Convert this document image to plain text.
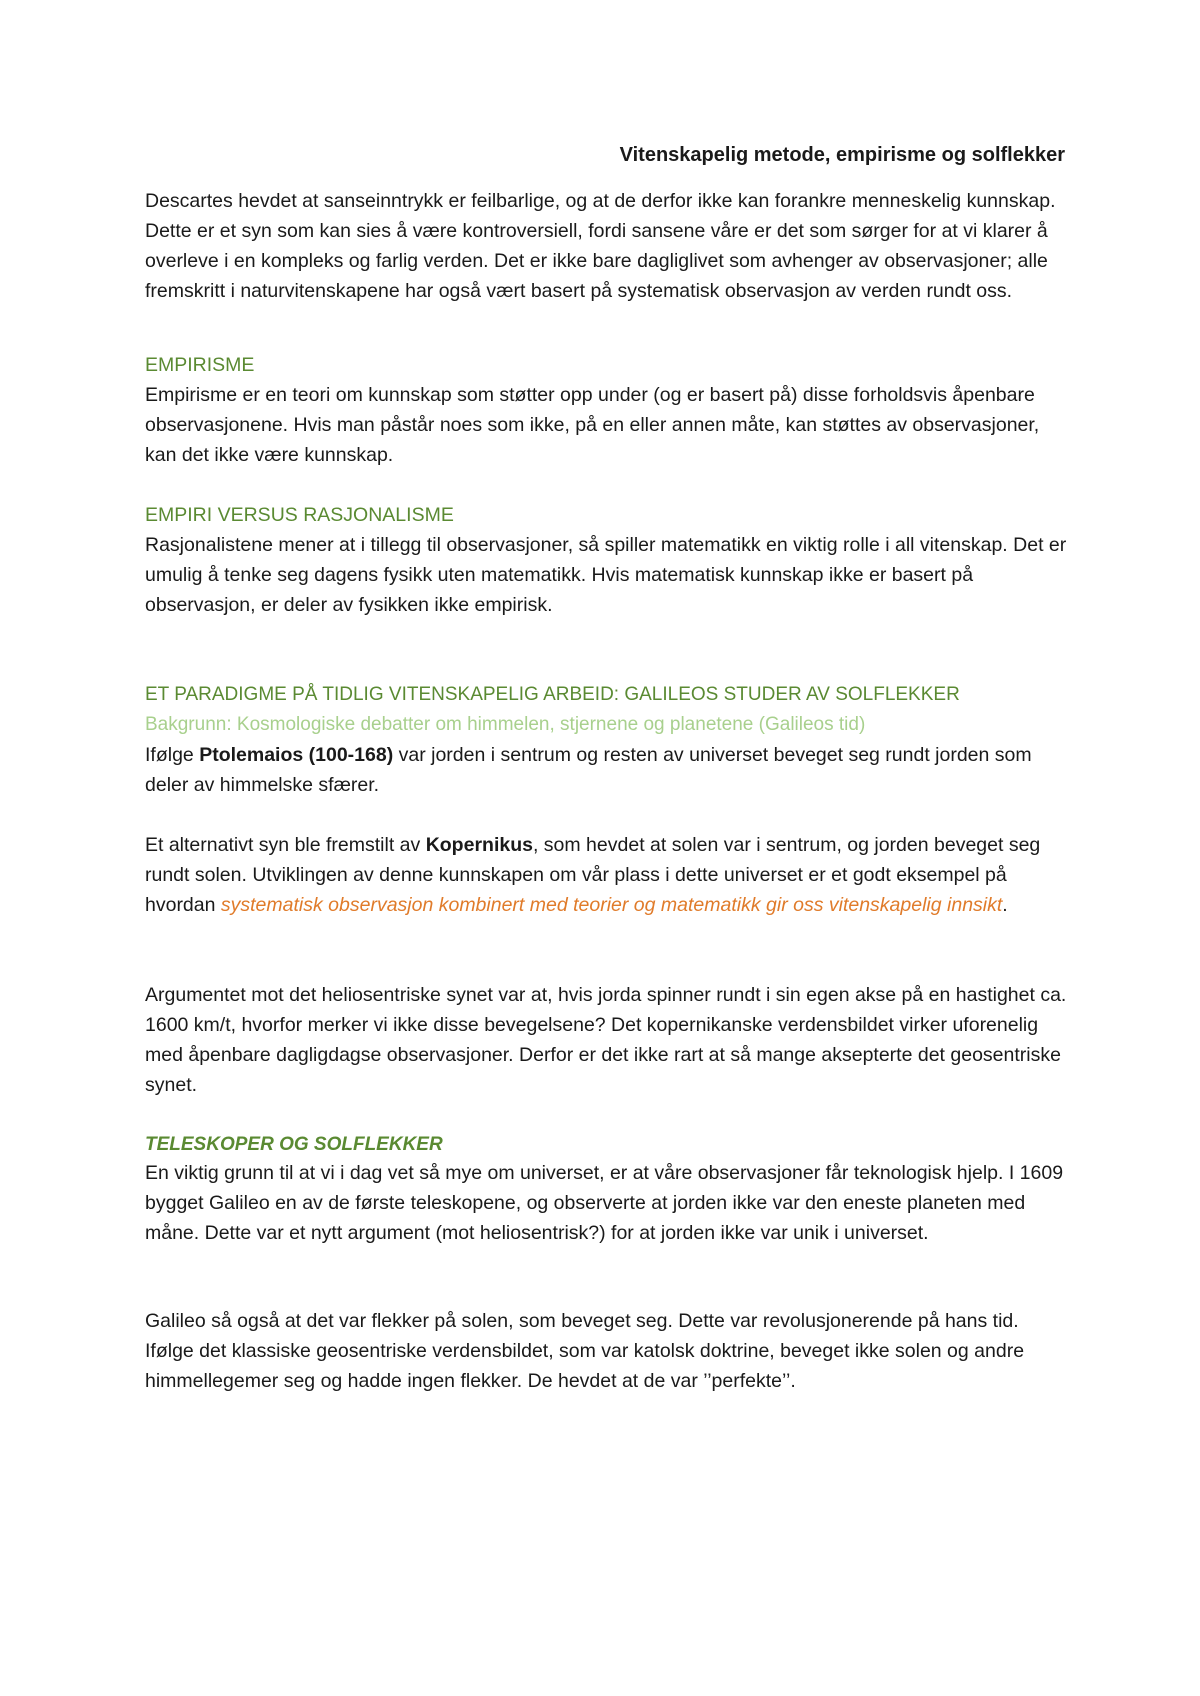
Vitenskapelig metode, empirisme og solflekker

Descartes hevdet at sanseinntrykk er feilbarlige, og at de derfor ikke kan forankre menneskelig kunnskap. Dette er et syn som kan sies å være kontroversiell, fordi sansene våre er det som sørger for at vi klarer å overleve i en kompleks og farlig verden. Det er ikke bare dagliglivet som avhenger av observasjoner; alle fremskritt i naturvitenskapene har også vært basert på systematisk observasjon av verden rundt oss.

EMPIRISME

Empirisme er en teori om kunnskap som støtter opp under (og er basert på) disse forholdsvis åpenbare observasjonene. Hvis man påstår noes som ikke, på en eller annen måte, kan støttes av observasjoner, kan det ikke være kunnskap.

EMPIRI VERSUS RASJONALISME

Rasjonalistene mener at i tillegg til observasjoner, så spiller matematikk en viktig rolle i all vitenskap. Det er umulig å tenke seg dagens fysikk uten matematikk. Hvis matematisk kunnskap ikke er basert på observasjon, er deler av fysikken ikke empirisk.

ET PARADIGME PÅ TIDLIG VITENSKAPELIG ARBEID: GALILEOS STUDER AV SOLFLEKKER
Bakgrunn: Kosmologiske debatter om himmelen, stjernene og planetene (Galileos tid)

Ifølge Ptolemaios (100-168) var jorden i sentrum og resten av universet beveget seg rundt jorden som deler av himmelske sfærer.

Et alternativt syn ble fremstilt av Kopernikus, som hevdet at solen var i sentrum, og jorden beveget seg rundt solen. Utviklingen av denne kunnskapen om vår plass i dette universet er et godt eksempel på hvordan systematisk observasjon kombinert med teorier og matematikk gir oss vitenskapelig innsikt.

Argumentet mot det heliosentriske synet var at, hvis jorda spinner rundt i sin egen akse på en hastighet ca. 1600 km/t, hvorfor merker vi ikke disse bevegelsene? Det kopernikanske verdensbildet virker uforenelig med åpenbare dagligdagse observasjoner. Derfor er det ikke rart at så mange aksepterte det geosentriske synet.

TELESKOPER OG SOLFLEKKER

En viktig grunn til at vi i dag vet så mye om universet, er at våre observasjoner får teknologisk hjelp. I 1609 bygget Galileo en av de første teleskopene, og observerte at jorden ikke var den eneste planeten med måne. Dette var et nytt argument (mot heliosentrisk?) for at jorden ikke var unik i universet.

Galileo så også at det var flekker på solen, som beveget seg. Dette var revolusjonerende på hans tid. Ifølge det klassiske geosentriske verdensbildet, som var katolsk doktrine, beveget ikke solen og andre himmellegemer seg og hadde ingen flekker. De hevdet at de var ’’perfekte’’.
